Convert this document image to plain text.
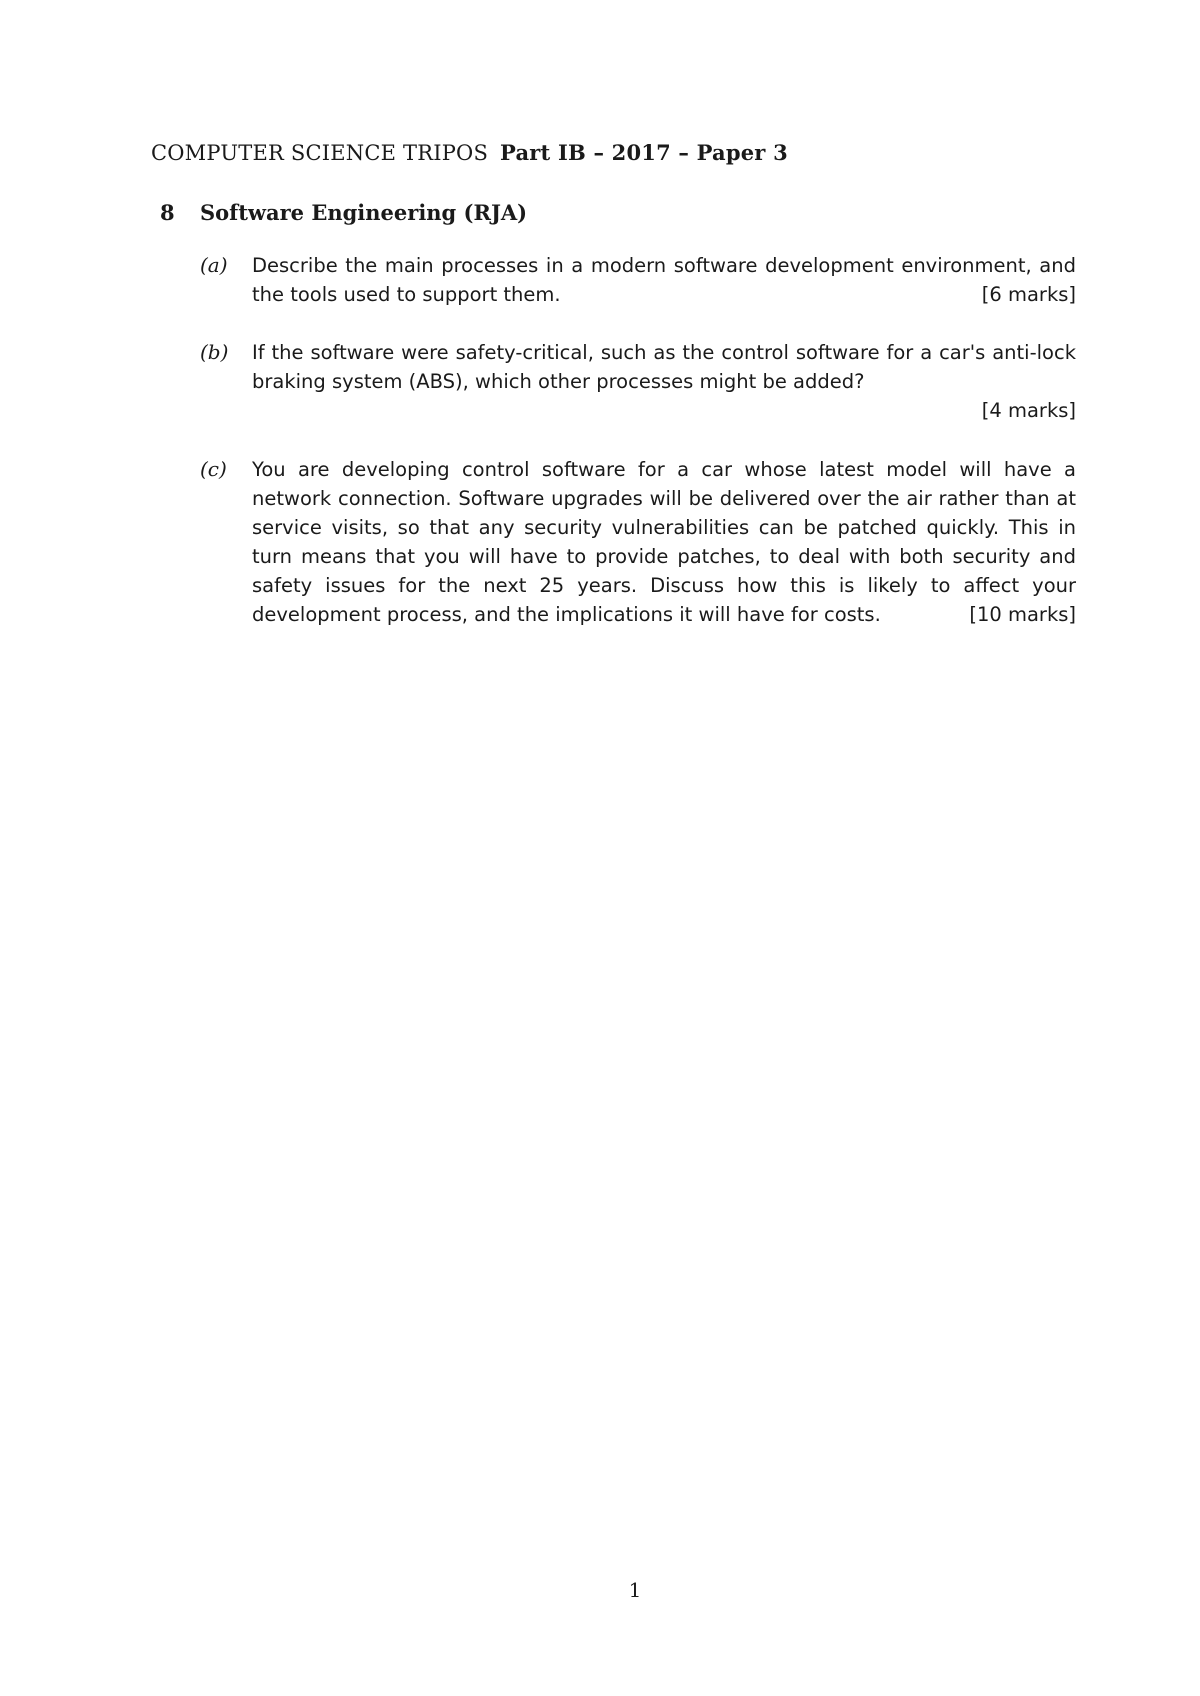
COMPUTER SCIENCE TRIPOS Part IB – 2017 – Paper 3
8 Software Engineering (RJA)
(a) Describe the main processes in a modern software development environment, and the tools used to support them.	[6 marks]
(b) If the software were safety-critical, such as the control software for a car's anti-lock braking system (ABS), which other processes might be added?
[4 marks]
(c) You are developing control software for a car whose latest model will have a network connection. Software upgrades will be delivered over the air rather than at service visits, so that any security vulnerabilities can be patched quickly. This in turn means that you will have to provide patches, to deal with both security and safety issues for the next 25 years. Discuss how this is likely to affect your development process, and the implications it will have for costs.	[10 marks]
1
